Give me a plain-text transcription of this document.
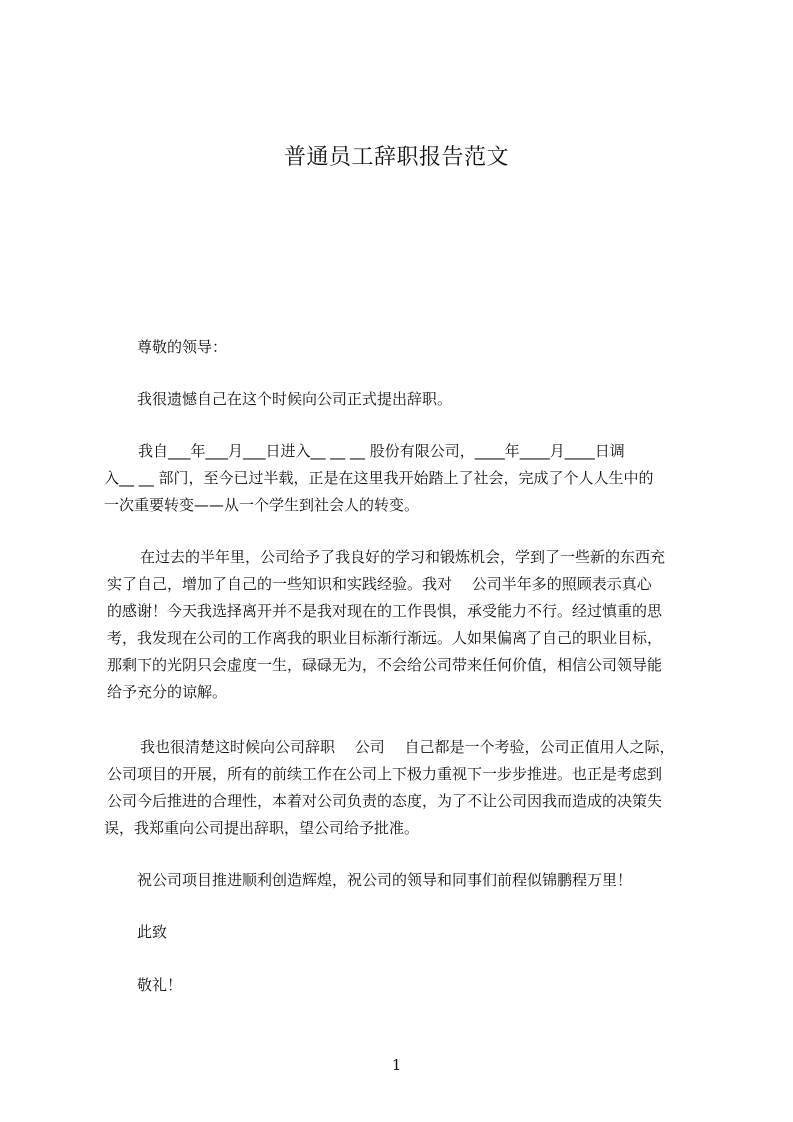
普通员工辞职报告范文
尊敬的领导：
我很遗憾自己在这个时候向公司正式提出辞职。
我自___年___月___日进入__ __ __ 股份有限公司，____年____月____日调
入__ __ 部门，至今已过半载，正是在这里我开始踏上了社会，完成了个人人生中的
一次重要转变——从一个学生到社会人的转变。
在过去的半年里，公司给予了我良好的学习和锻炼机会，学到了一些新的东西充
实了自己，增加了自己的一些知识和实践经验。我对　 公司半年多的照顾表示真心
的感谢！今天我选择离开并不是我对现在的工作畏惧，承受能力不行。经过慎重的思
考，我发现在公司的工作离我的职业目标渐行渐远。人如果偏离了自己的职业目标，
那剩下的光阴只会虚度一生，碌碌无为，不会给公司带来任何价值，相信公司领导能
给予充分的谅解。
我也很清楚这时候向公司辞职　 公司　 自己都是一个考验，公司正值用人之际，
公司项目的开展，所有的前续工作在公司上下极力重视下一步步推进。也正是考虑到
公司今后推进的合理性，本着对公司负责的态度，为了不让公司因我而造成的决策失
误，我郑重向公司提出辞职，望公司给予批准。
祝公司项目推进顺利创造辉煌，祝公司的领导和同事们前程似锦鹏程万里！
此致
敬礼！
1
